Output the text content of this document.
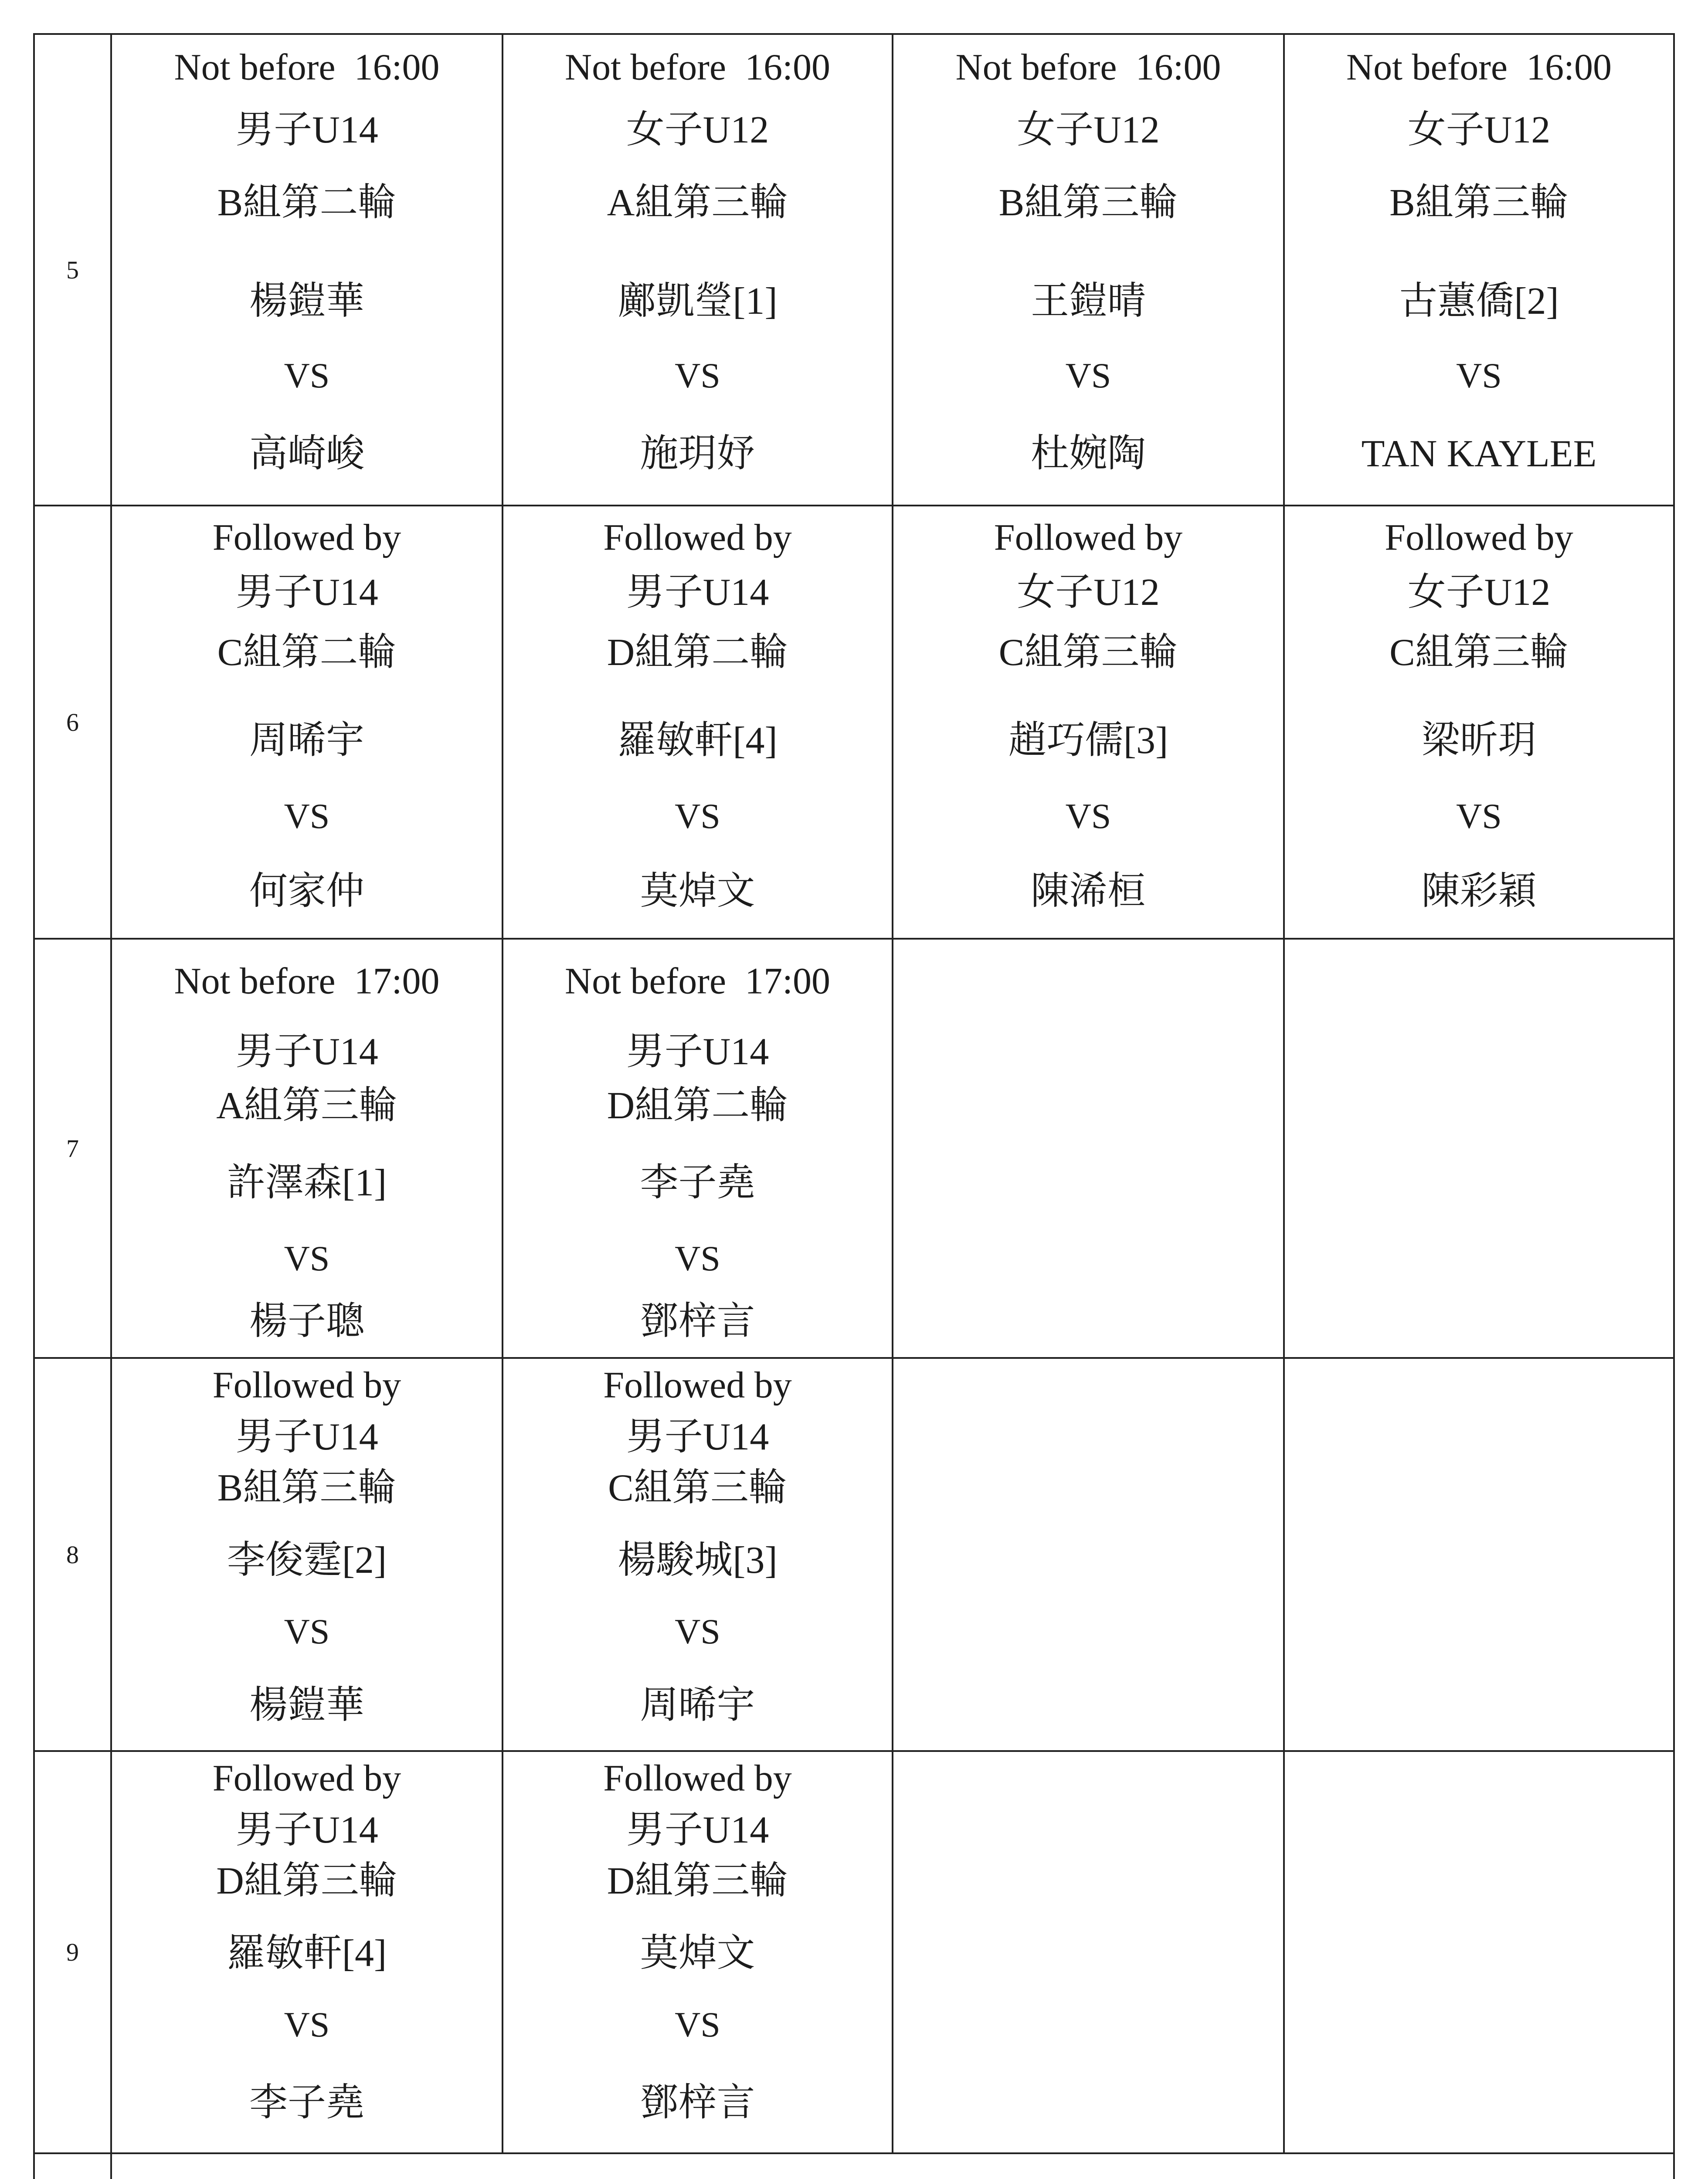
5
Not before  16:00
男子U14
B組第二輪
楊鎧華
VS
高崎峻
Not before  16:00
女子U12
A組第三輪
鄺凱瑩[1]
VS
施玥妤
Not before  16:00
女子U12
B組第三輪
王鎧晴
VS
杜婉陶
Not before  16:00
女子U12
B組第三輪
古蕙僑[2]
VS
TAN KAYLEE
6
Followed by
男子U14
C組第二輪
周晞宇
VS
何家仲
Followed by
男子U14
D組第二輪
羅敏軒[4]
VS
莫焯文
Followed by
女子U12
C組第三輪
趙巧儒[3]
VS
陳浠桓
Followed by
女子U12
C組第三輪
梁昕玥
VS
陳彩穎
7
Not before  17:00
男子U14
A組第三輪
許澤森[1]
VS
楊子聰
Not before  17:00
男子U14
D組第二輪
李子堯
VS
鄧梓言
8
Followed by
男子U14
B組第三輪
李俊霆[2]
VS
楊鎧華
Followed by
男子U14
C組第三輪
楊駿城[3]
VS
周晞宇
9
Followed by
男子U14
D組第三輪
羅敏軒[4]
VS
李子堯
Followed by
男子U14
D組第三輪
莫焯文
VS
鄧梓言
